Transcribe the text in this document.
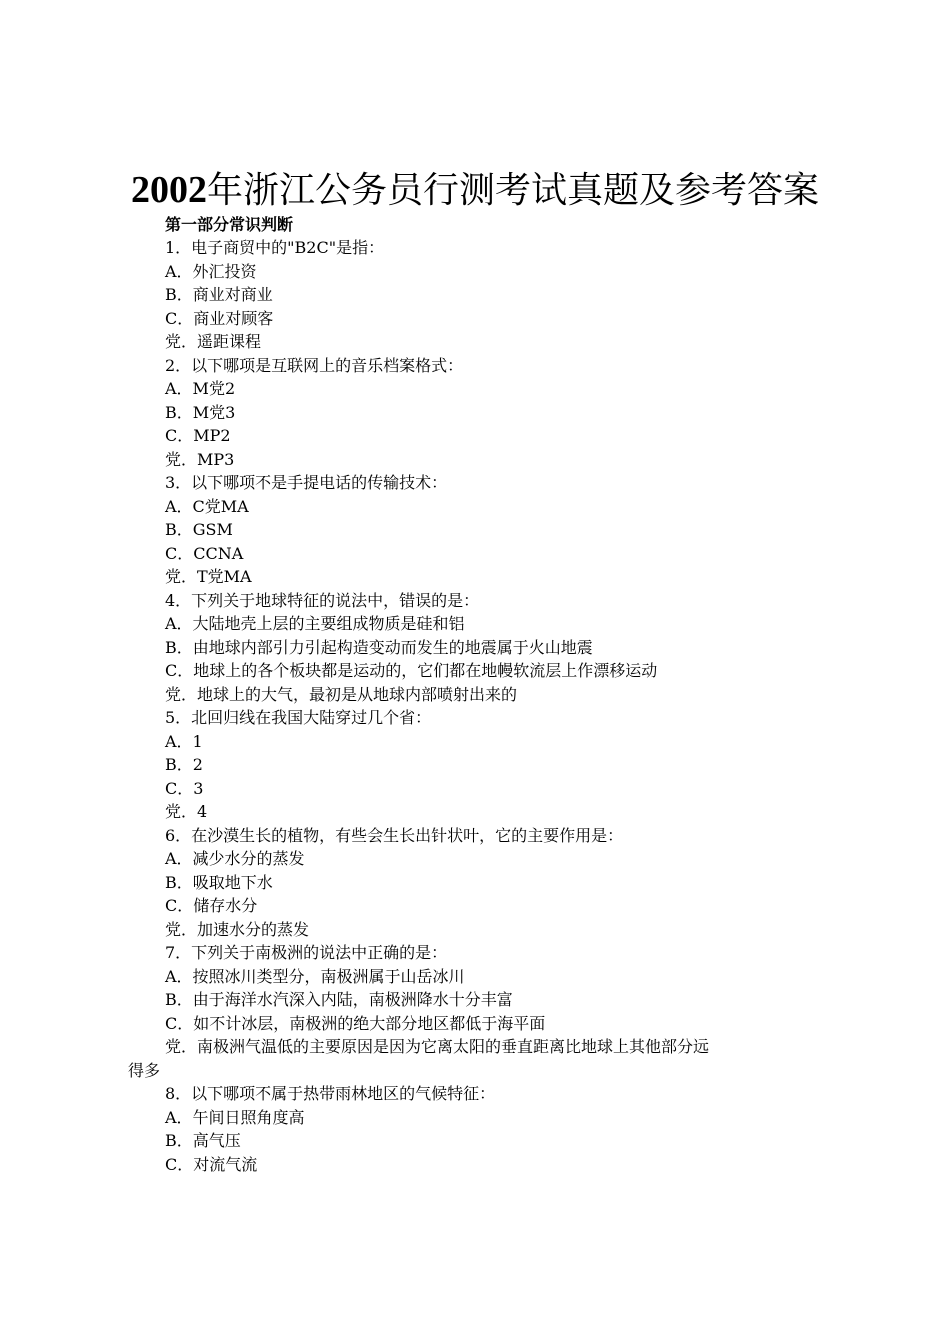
2002年浙江公务员行测考试真题及参考答案
第一部分常识判断
1．电子商贸中的"B2C"是指：
A．外汇投资
B．商业对商业
C．商业对顾客
党．遥距课程
2．以下哪项是互联网上的音乐档案格式：
A．M党2
B．M党3
C．MP2
党．MP3
3．以下哪项不是手提电话的传输技术：
A．C党MA
B．GSM
C．CCNA
党．T党MA
4．下列关于地球特征的说法中，错误的是：
A．大陆地壳上层的主要组成物质是硅和铝
B．由地球内部引力引起构造变动而发生的地震属于火山地震
C．地球上的各个板块都是运动的，它们都在地幔软流层上作漂移运动
党．地球上的大气，最初是从地球内部喷射出来的
5．北回归线在我国大陆穿过几个省：
A．1
B．2
C．3
党．4
6．在沙漠生长的植物，有些会生长出针状叶，它的主要作用是：
A．减少水分的蒸发
B．吸取地下水
C．储存水分
党．加速水分的蒸发
7．下列关于南极洲的说法中正确的是：
A．按照冰川类型分，南极洲属于山岳冰川
B．由于海洋水汽深入内陆，南极洲降水十分丰富
C．如不计冰层，南极洲的绝大部分地区都低于海平面
党．南极洲气温低的主要原因是因为它离太阳的垂直距离比地球上其他部分远
得多
8．以下哪项不属于热带雨林地区的气候特征：
A．午间日照角度高
B．高气压
C．对流气流
